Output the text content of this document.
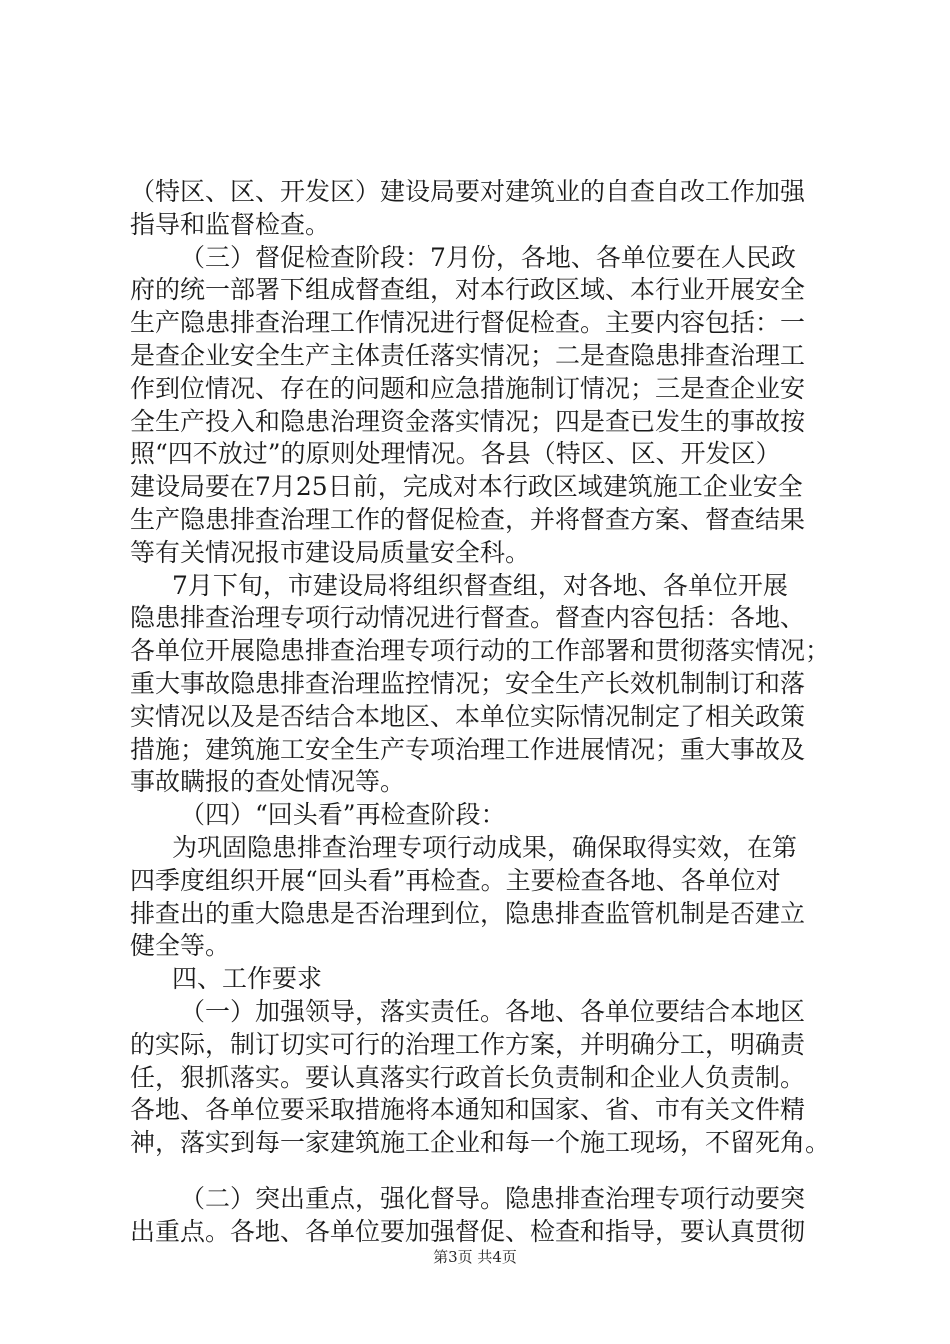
（特区、区、开发区）建设局要对建筑业的自查自改工作加强
指导和监督检查。
（三）督促检查阶段：7月份，各地、各单位要在人民政
府的统一部署下组成督查组，对本行政区域、本行业开展安全
生产隐患排查治理工作情况进行督促检查。主要内容包括：一
是查企业安全生产主体责任落实情况；二是查隐患排查治理工
作到位情况、存在的问题和应急措施制订情况；三是查企业安
全生产投入和隐患治理资金落实情况；四是查已发生的事故按
照“四不放过”的原则处理情况。各县（特区、区、开发区）
建设局要在7月25日前，完成对本行政区域建筑施工企业安全
生产隐患排查治理工作的督促检查，并将督查方案、督查结果
等有关情况报市建设局质量安全科。
7月下旬，市建设局将组织督查组，对各地、各单位开展
隐患排查治理专项行动情况进行督查。督查内容包括：各地、
各单位开展隐患排查治理专项行动的工作部署和贯彻落实情况；
重大事故隐患排查治理监控情况；安全生产长效机制制订和落
实情况以及是否结合本地区、本单位实际情况制定了相关政策
措施；建筑施工安全生产专项治理工作进展情况；重大事故及
事故瞒报的查处情况等。
（四）“回头看”再检查阶段：
为巩固隐患排查治理专项行动成果，确保取得实效，在第
四季度组织开展“回头看”再检查。主要检查各地、各单位对
排查出的重大隐患是否治理到位，隐患排查监管机制是否建立
健全等。
四、工作要求
（一）加强领导，落实责任。各地、各单位要结合本地区
的实际，制订切实可行的治理工作方案，并明确分工，明确责
任，狠抓落实。要认真落实行政首长负责制和企业人负责制。
各地、各单位要采取措施将本通知和国家、省、市有关文件精
神，落实到每一家建筑施工企业和每一个施工现场，不留死角。
（二）突出重点，强化督导。隐患排查治理专项行动要突
出重点。各地、各单位要加强督促、检查和指导，要认真贯彻
第3页 共4页
